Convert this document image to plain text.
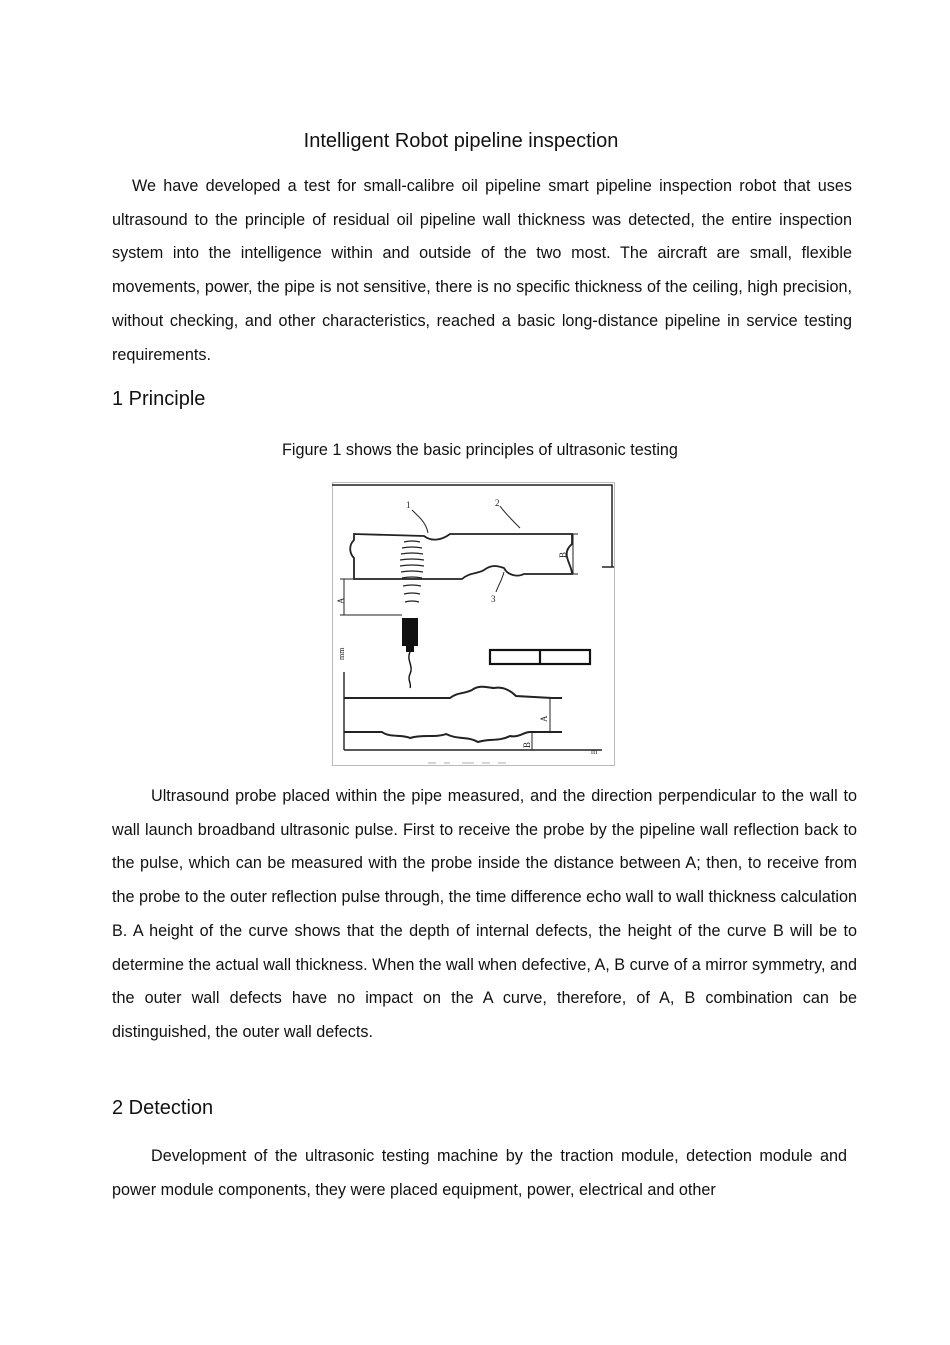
Intelligent Robot pipeline inspection

We have developed a test for small-calibre oil pipeline smart pipeline inspection robot that uses ultrasound to the principle of residual oil pipeline wall thickness was detected, the entire inspection system into the intelligence within and outside of the two most. The aircraft are small, flexible movements, power, the pipe is not sensitive, there is no specific thickness of the ceiling, high precision, without checking, and other characteristics, reached a basic long-distance pipeline in service testing requirements.

1 Principle
Figure 1 shows the basic principles of ultrasonic testing
1	2
3
B
A
mm
m
A
B

Ultrasound probe placed within the pipe measured, and the direction perpendicular to the wall to wall launch broadband ultrasonic pulse. First to receive the probe by the pipeline wall reflection back to the pulse, which can be measured with the probe inside the distance between A; then, to receive from the probe to the outer reflection pulse through, the time difference echo wall to wall thickness calculation B. A height of the curve shows that the depth of internal defects, the height of the curve B will be to determine the actual wall thickness. When the wall when defective, A, B curve of a mirror symmetry, and the outer wall defects have no impact on the A curve, therefore, of A, B combination can be distinguished, the outer wall defects.

2 Detection

Development of the ultrasonic testing machine by the traction module, detection module and power module components, they were placed equipment, power, electrical and other
